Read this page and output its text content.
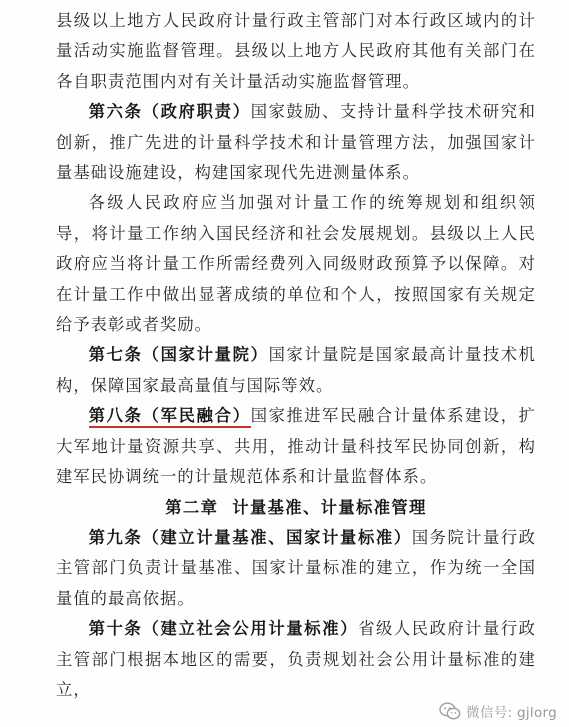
县级以上地方人民政府计量行政主管部门对本行政区域内的计量活动实施监督管理。县级以上地方人民政府其他有关部门在各自职责范围内对有关计量活动实施监督管理。

第六条（政府职责）国家鼓励、支持计量科学技术研究和创新，推广先进的计量科学技术和计量管理方法，加强国家计量基础设施建设，构建国家现代先进测量体系。

各级人民政府应当加强对计量工作的统筹规划和组织领导，将计量工作纳入国民经济和社会发展规划。县级以上人民政府应当将计量工作所需经费列入同级财政预算予以保障。对在计量工作中做出显著成绩的单位和个人，按照国家有关规定给予表彰或者奖励。

第七条（国家计量院）国家计量院是国家最高计量技术机构，保障国家最高量值与国际等效。

第八条（军民融合）国家推进军民融合计量体系建设，扩大军地计量资源共享、共用，推动计量科技军民协同创新，构建军民协调统一的计量规范体系和计量监督体系。

第二章 计量基准、计量标准管理

第九条（建立计量基准、国家计量标准）国务院计量行政主管部门负责计量基准、国家计量标准的建立，作为统一全国量值的最高依据。

第十条（建立社会公用计量标准）省级人民政府计量行政主管部门根据本地区的需要，负责规划社会公用计量标准的建立，

微信号: gjlorg
